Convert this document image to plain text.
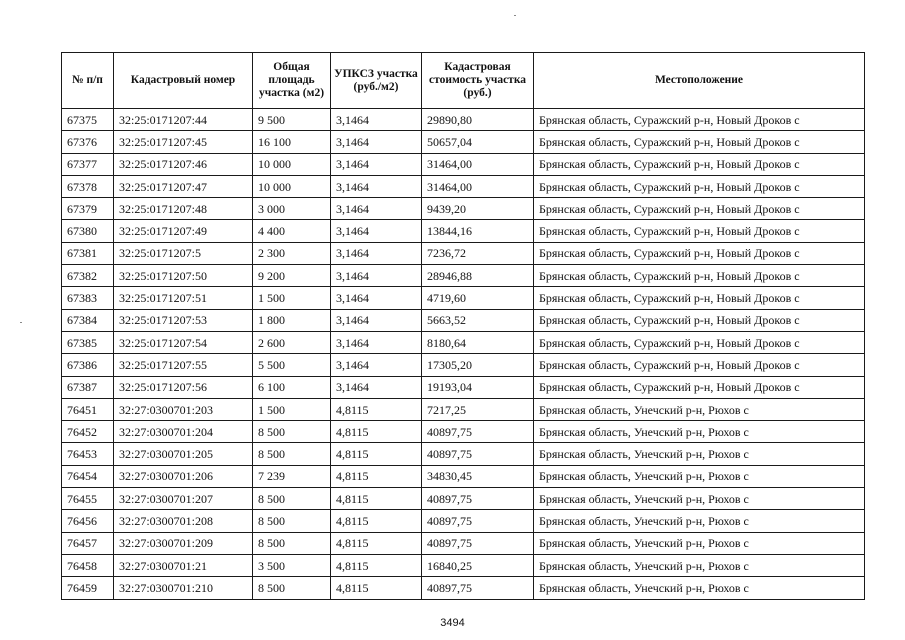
№ п/п	Кадастровый номер	Общая площадь участка (м2)	УПКСЗ участка (руб./м2)	Кадастровая стоимость участка (руб.)	Местоположение
67375	32:25:0171207:44	9 500	3,1464	29890,80	Брянская область, Суражский р-н, Новый Дроков с
67376	32:25:0171207:45	16 100	3,1464	50657,04	Брянская область, Суражский р-н, Новый Дроков с
67377	32:25:0171207:46	10 000	3,1464	31464,00	Брянская область, Суражский р-н, Новый Дроков с
67378	32:25:0171207:47	10 000	3,1464	31464,00	Брянская область, Суражский р-н, Новый Дроков с
67379	32:25:0171207:48	3 000	3,1464	9439,20	Брянская область, Суражский р-н, Новый Дроков с
67380	32:25:0171207:49	4 400	3,1464	13844,16	Брянская область, Суражский р-н, Новый Дроков с
67381	32:25:0171207:5	2 300	3,1464	7236,72	Брянская область, Суражский р-н, Новый Дроков с
67382	32:25:0171207:50	9 200	3,1464	28946,88	Брянская область, Суражский р-н, Новый Дроков с
67383	32:25:0171207:51	1 500	3,1464	4719,60	Брянская область, Суражский р-н, Новый Дроков с
67384	32:25:0171207:53	1 800	3,1464	5663,52	Брянская область, Суражский р-н, Новый Дроков с
67385	32:25:0171207:54	2 600	3,1464	8180,64	Брянская область, Суражский р-н, Новый Дроков с
67386	32:25:0171207:55	5 500	3,1464	17305,20	Брянская область, Суражский р-н, Новый Дроков с
67387	32:25:0171207:56	6 100	3,1464	19193,04	Брянская область, Суражский р-н, Новый Дроков с
76451	32:27:0300701:203	1 500	4,8115	7217,25	Брянская область, Унечский р-н, Рюхов с
76452	32:27:0300701:204	8 500	4,8115	40897,75	Брянская область, Унечский р-н, Рюхов с
76453	32:27:0300701:205	8 500	4,8115	40897,75	Брянская область, Унечский р-н, Рюхов с
76454	32:27:0300701:206	7 239	4,8115	34830,45	Брянская область, Унечский р-н, Рюхов с
76455	32:27:0300701:207	8 500	4,8115	40897,75	Брянская область, Унечский р-н, Рюхов с
76456	32:27:0300701:208	8 500	4,8115	40897,75	Брянская область, Унечский р-н, Рюхов с
76457	32:27:0300701:209	8 500	4,8115	40897,75	Брянская область, Унечский р-н, Рюхов с
76458	32:27:0300701:21	3 500	4,8115	16840,25	Брянская область, Унечский р-н, Рюхов с
76459	32:27:0300701:210	8 500	4,8115	40897,75	Брянская область, Унечский р-н, Рюхов с
3494
